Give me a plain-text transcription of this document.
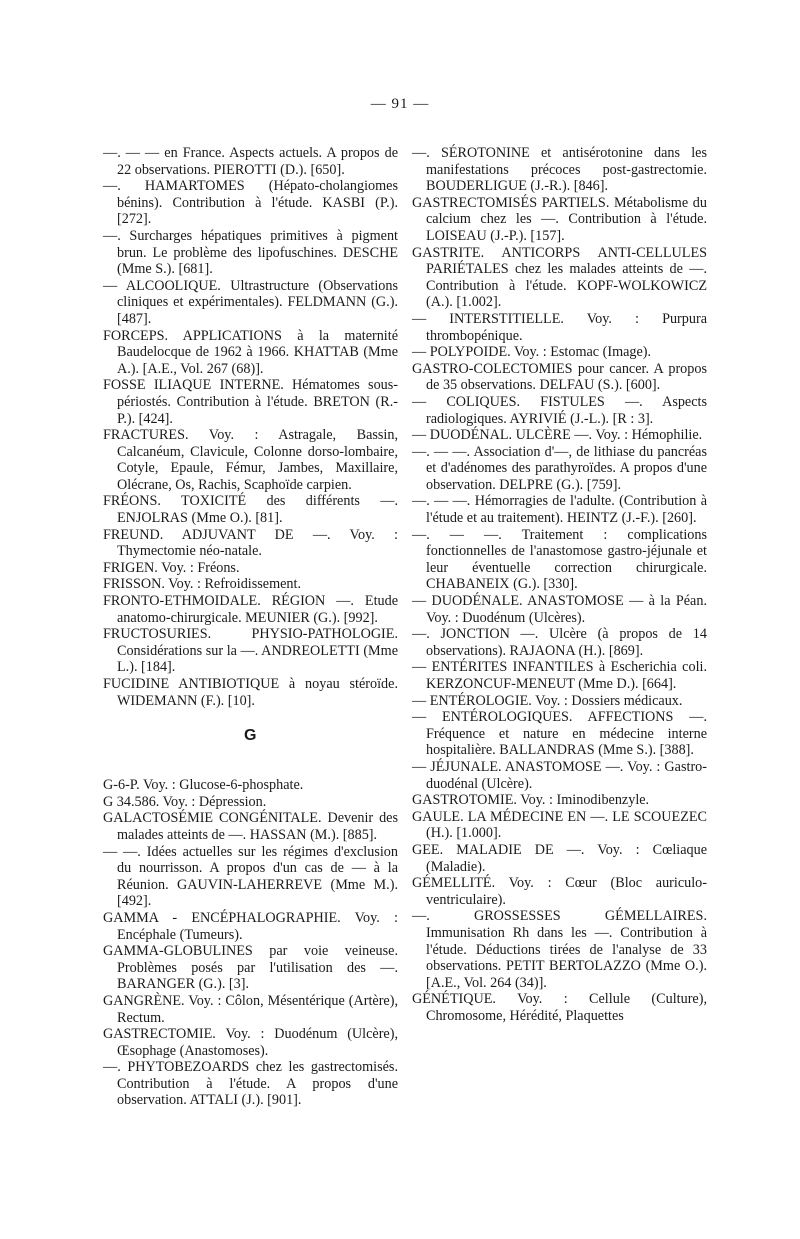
— 91 —

—. — — en France. Aspects actuels. A propos de 22 observations. PIEROTTI (D.). [650].

—. HAMARTOMES (Hépato-cholangiomes bénins). Contribution à l'étude. KASBI (P.). [272].

—. Surcharges hépatiques primitives à pigment brun. Le problème des lipofuschines. DESCHE (Mme S.). [681].

— ALCOOLIQUE. Ultrastructure (Observations cliniques et expérimentales). FELDMANN (G.). [487].

FORCEPS. APPLICATIONS à la maternité Baudelocque de 1962 à 1966. KHATTAB (Mme A.). [A.E., Vol. 267 (68)].

FOSSE ILIAQUE INTERNE. Hématomes sous-périostés. Contribution à l'étude. BRETON (R.-P.). [424].

FRACTURES. Voy. : Astragale, Bassin, Calcanéum, Clavicule, Colonne dorso-lombaire, Cotyle, Epaule, Fémur, Jambes, Maxillaire, Olécrane, Os, Rachis, Scaphoïde carpien.

FRÉONS. TOXICITÉ des différents —. ENJOLRAS (Mme O.). [81].

FREUND. ADJUVANT DE —. Voy. : Thymectomie néo-natale.

FRIGEN. Voy. : Fréons.

FRISSON. Voy. : Refroidissement.

FRONTO-ETHMOIDALE. RÉGION —. Etude anatomo-chirurgicale. MEUNIER (G.). [992].

FRUCTOSURIES. PHYSIO-PATHOLOGIE. Considérations sur la —. ANDREOLETTI (Mme L.). [184].

FUCIDINE ANTIBIOTIQUE à noyau stéroïde. WIDEMANN (F.). [10].

G-6-P. Voy. : Glucose-6-phosphate.

G 34.586. Voy. : Dépression.

GALACTOSÉMIE CONGÉNITALE. Devenir des malades atteints de —. HASSAN (M.). [885].

— —. Idées actuelles sur les régimes d'exclusion du nourrisson. A propos d'un cas de — à la Réunion. GAUVIN-LAHERREVE (Mme M.). [492].

GAMMA - ENCÉPHALOGRAPHIE. Voy. : Encéphale (Tumeurs).

GAMMA-GLOBULINES par voie veineuse. Problèmes posés par l'utilisation des —. BARANGER (G.). [3].

GANGRÈNE. Voy. : Côlon, Mésentérique (Artère), Rectum.

GASTRECTOMIE. Voy. : Duodénum (Ulcère), Œsophage (Anastomoses).

—. PHYTOBEZOARDS chez les gastrectomisés. Contribution à l'étude. A propos d'une observation. ATTALI (J.). [901].

G

—. SÉROTONINE et antisérotonine dans les manifestations précoces post-gastrectomie. BOUDERLIGUE (J.-R.). [846].

GASTRECTOMISÉS PARTIELS. Métabolisme du calcium chez les —. Contribution à l'étude. LOISEAU (J.-P.). [157].

GASTRITE. ANTICORPS ANTI-CELLULES PARIÉTALES chez les malades atteints de —. Contribution à l'étude. KOPF-WOLKOWICZ (A.). [1.002].

— INTERSTITIELLE. Voy. : Purpura thrombopénique.

— POLYPOIDE. Voy. : Estomac (Image).

GASTRO-COLECTOMIES pour cancer. A propos de 35 observations. DELFAU (S.). [600].

— COLIQUES. FISTULES —. Aspects radiologiques. AYRIVIÉ (J.-L.). [R : 3].

— DUODÉNAL. ULCÈRE —. Voy. : Hémophilie.

—. — —. Association d'—, de lithiase du pancréas et d'adénomes des parathyroïdes. A propos d'une observation. DELPRE (G.). [759].

—. — —. Hémorragies de l'adulte. (Contribution à l'étude et au traitement). HEINTZ (J.-F.). [260].

—. — —. Traitement : complications fonctionnelles de l'anastomose gastro-jéjunale et leur éventuelle correction chirurgicale. CHABANEIX (G.). [330].

— DUODÉNALE. ANASTOMOSE — à la Péan. Voy. : Duodénum (Ulcères).

—. JONCTION —. Ulcère (à propos de 14 observations). RAJAONA (H.). [869].

— ENTÉRITES INFANTILES à Escherichia coli. KERZONCUF-MENEUT (Mme D.). [664].

— ENTÉROLOGIE. Voy. : Dossiers médicaux.

— ENTÉROLOGIQUES. AFFECTIONS —. Fréquence et nature en médecine interne hospitalière. BALLANDRAS (Mme S.). [388].

— JÉJUNALE. ANASTOMOSE —. Voy. : Gastro-duodénal (Ulcère).

GASTROTOMIE. Voy. : Iminodibenzyle.

GAULE. LA MÉDECINE EN —. LE SCOUEZEC (H.). [1.000].

GEE. MALADIE DE —. Voy. : Cœliaque (Maladie).

GÉMELLITÉ. Voy. : Cœur (Bloc auriculo-ventriculaire).

—. GROSSESSES GÉMELLAIRES. Immunisation Rh dans les —. Contribution à l'étude. Déductions tirées de l'analyse de 33 observations. PETIT BERTOLAZZO (Mme O.). [A.E., Vol. 264 (34)].

GÉNÉTIQUE. Voy. : Cellule (Culture), Chromosome, Hérédité, Plaquettes
